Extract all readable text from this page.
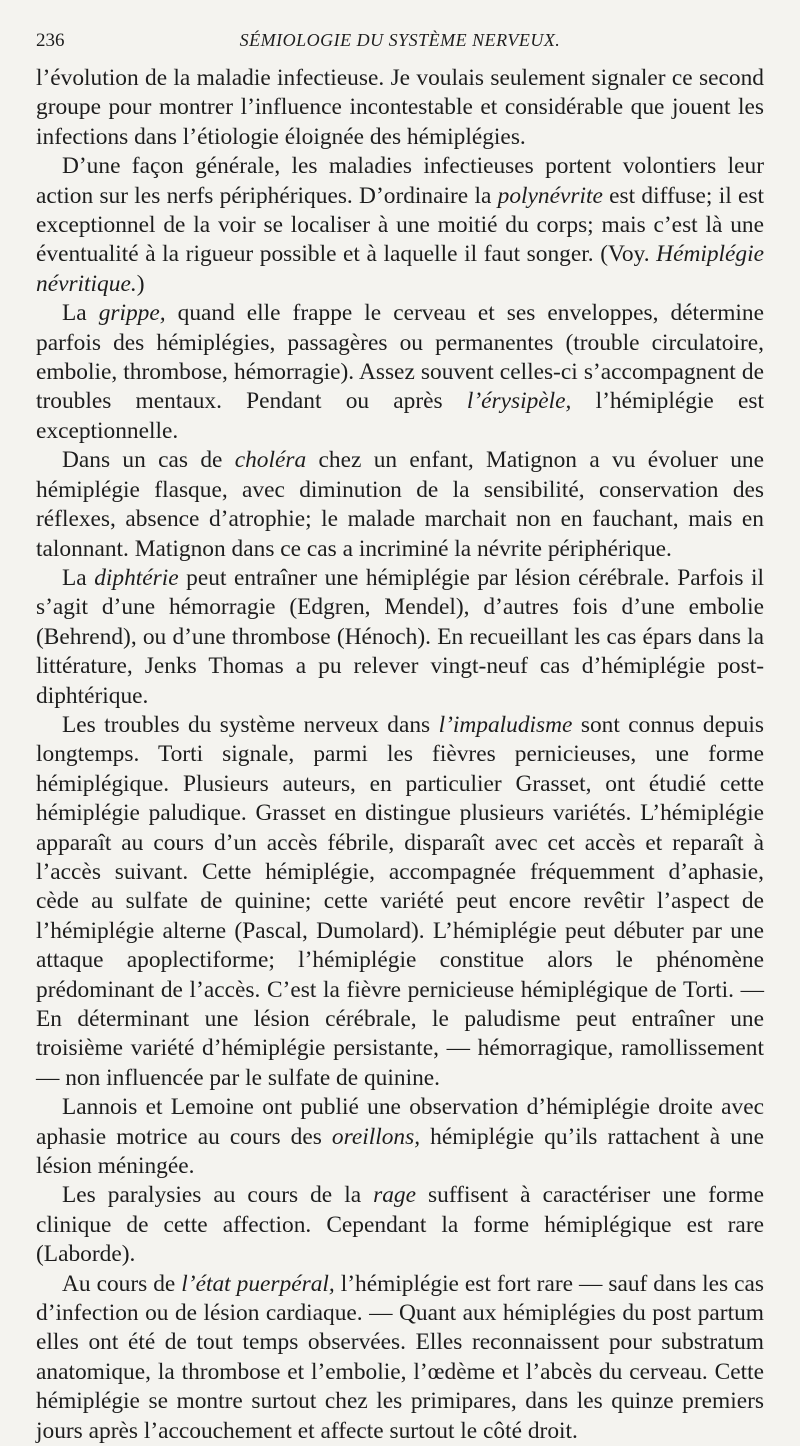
236	SÉMIOLOGIE DU SYSTÈME NERVEUX.

l’évolution de la maladie infectieuse. Je voulais seulement signaler ce second groupe pour montrer l’influence incontestable et considérable que jouent les infections dans l’étiologie éloignée des hémiplégies.

D’une façon générale, les maladies infectieuses portent volontiers leur action sur les nerfs périphériques. D’ordinaire la polynévrite est diffuse; il est exceptionnel de la voir se localiser à une moitié du corps; mais c’est là une éventualité à la rigueur possible et à laquelle il faut songer. (Voy. Hémiplégie névritique.)

La grippe, quand elle frappe le cerveau et ses enveloppes, détermine parfois des hémiplégies, passagères ou permanentes (trouble circulatoire, embolie, thrombose, hémorragie). Assez souvent celles-ci s’accompagnent de troubles mentaux. Pendant ou après l’érysipèle, l’hémiplégie est exceptionnelle.

Dans un cas de choléra chez un enfant, Matignon a vu évoluer une hémiplégie flasque, avec diminution de la sensibilité, conservation des réflexes, absence d’atrophie; le malade marchait non en fauchant, mais en talonnant. Matignon dans ce cas a incriminé la névrite périphérique.

La diphtérie peut entraîner une hémiplégie par lésion cérébrale. Parfois il s’agit d’une hémorragie (Edgren, Mendel), d’autres fois d’une embolie (Behrend), ou d’une thrombose (Hénoch). En recueillant les cas épars dans la littérature, Jenks Thomas a pu relever vingt-neuf cas d’hémiplégie post-diphtérique.

Les troubles du système nerveux dans l’impaludisme sont connus depuis longtemps. Torti signale, parmi les fièvres pernicieuses, une forme hémiplégique. Plusieurs auteurs, en particulier Grasset, ont étudié cette hémiplégie paludique. Grasset en distingue plusieurs variétés. L’hémiplégie apparaît au cours d’un accès fébrile, disparaît avec cet accès et reparaît à l’accès suivant. Cette hémiplégie, accompagnée fréquemment d’aphasie, cède au sulfate de quinine; cette variété peut encore revêtir l’aspect de l’hémiplégie alterne (Pascal, Dumolard). L’hémiplégie peut débuter par une attaque apoplectiforme; l’hémiplégie constitue alors le phénomène prédominant de l’accès. C’est la fièvre pernicieuse hémiplégique de Torti. — En déterminant une lésion cérébrale, le paludisme peut entraîner une troisième variété d’hémiplégie persistante, — hémorragique, ramollissement — non influencée par le sulfate de quinine.

Lannois et Lemoine ont publié une observation d’hémiplégie droite avec aphasie motrice au cours des oreillons, hémiplégie qu’ils rattachent à une lésion méningée.

Les paralysies au cours de la rage suffisent à caractériser une forme clinique de cette affection. Cependant la forme hémiplégique est rare (Laborde).

Au cours de l’état puerpéral, l’hémiplégie est fort rare — sauf dans les cas d’infection ou de lésion cardiaque. — Quant aux hémiplégies du post partum elles ont été de tout temps observées. Elles reconnaissent pour substratum anatomique, la thrombose et l’embolie, l’œdème et l’abcès du cerveau. Cette hémiplégie se montre surtout chez les primipares, dans les quinze premiers jours après l’accouchement et affecte surtout le côté droit.
